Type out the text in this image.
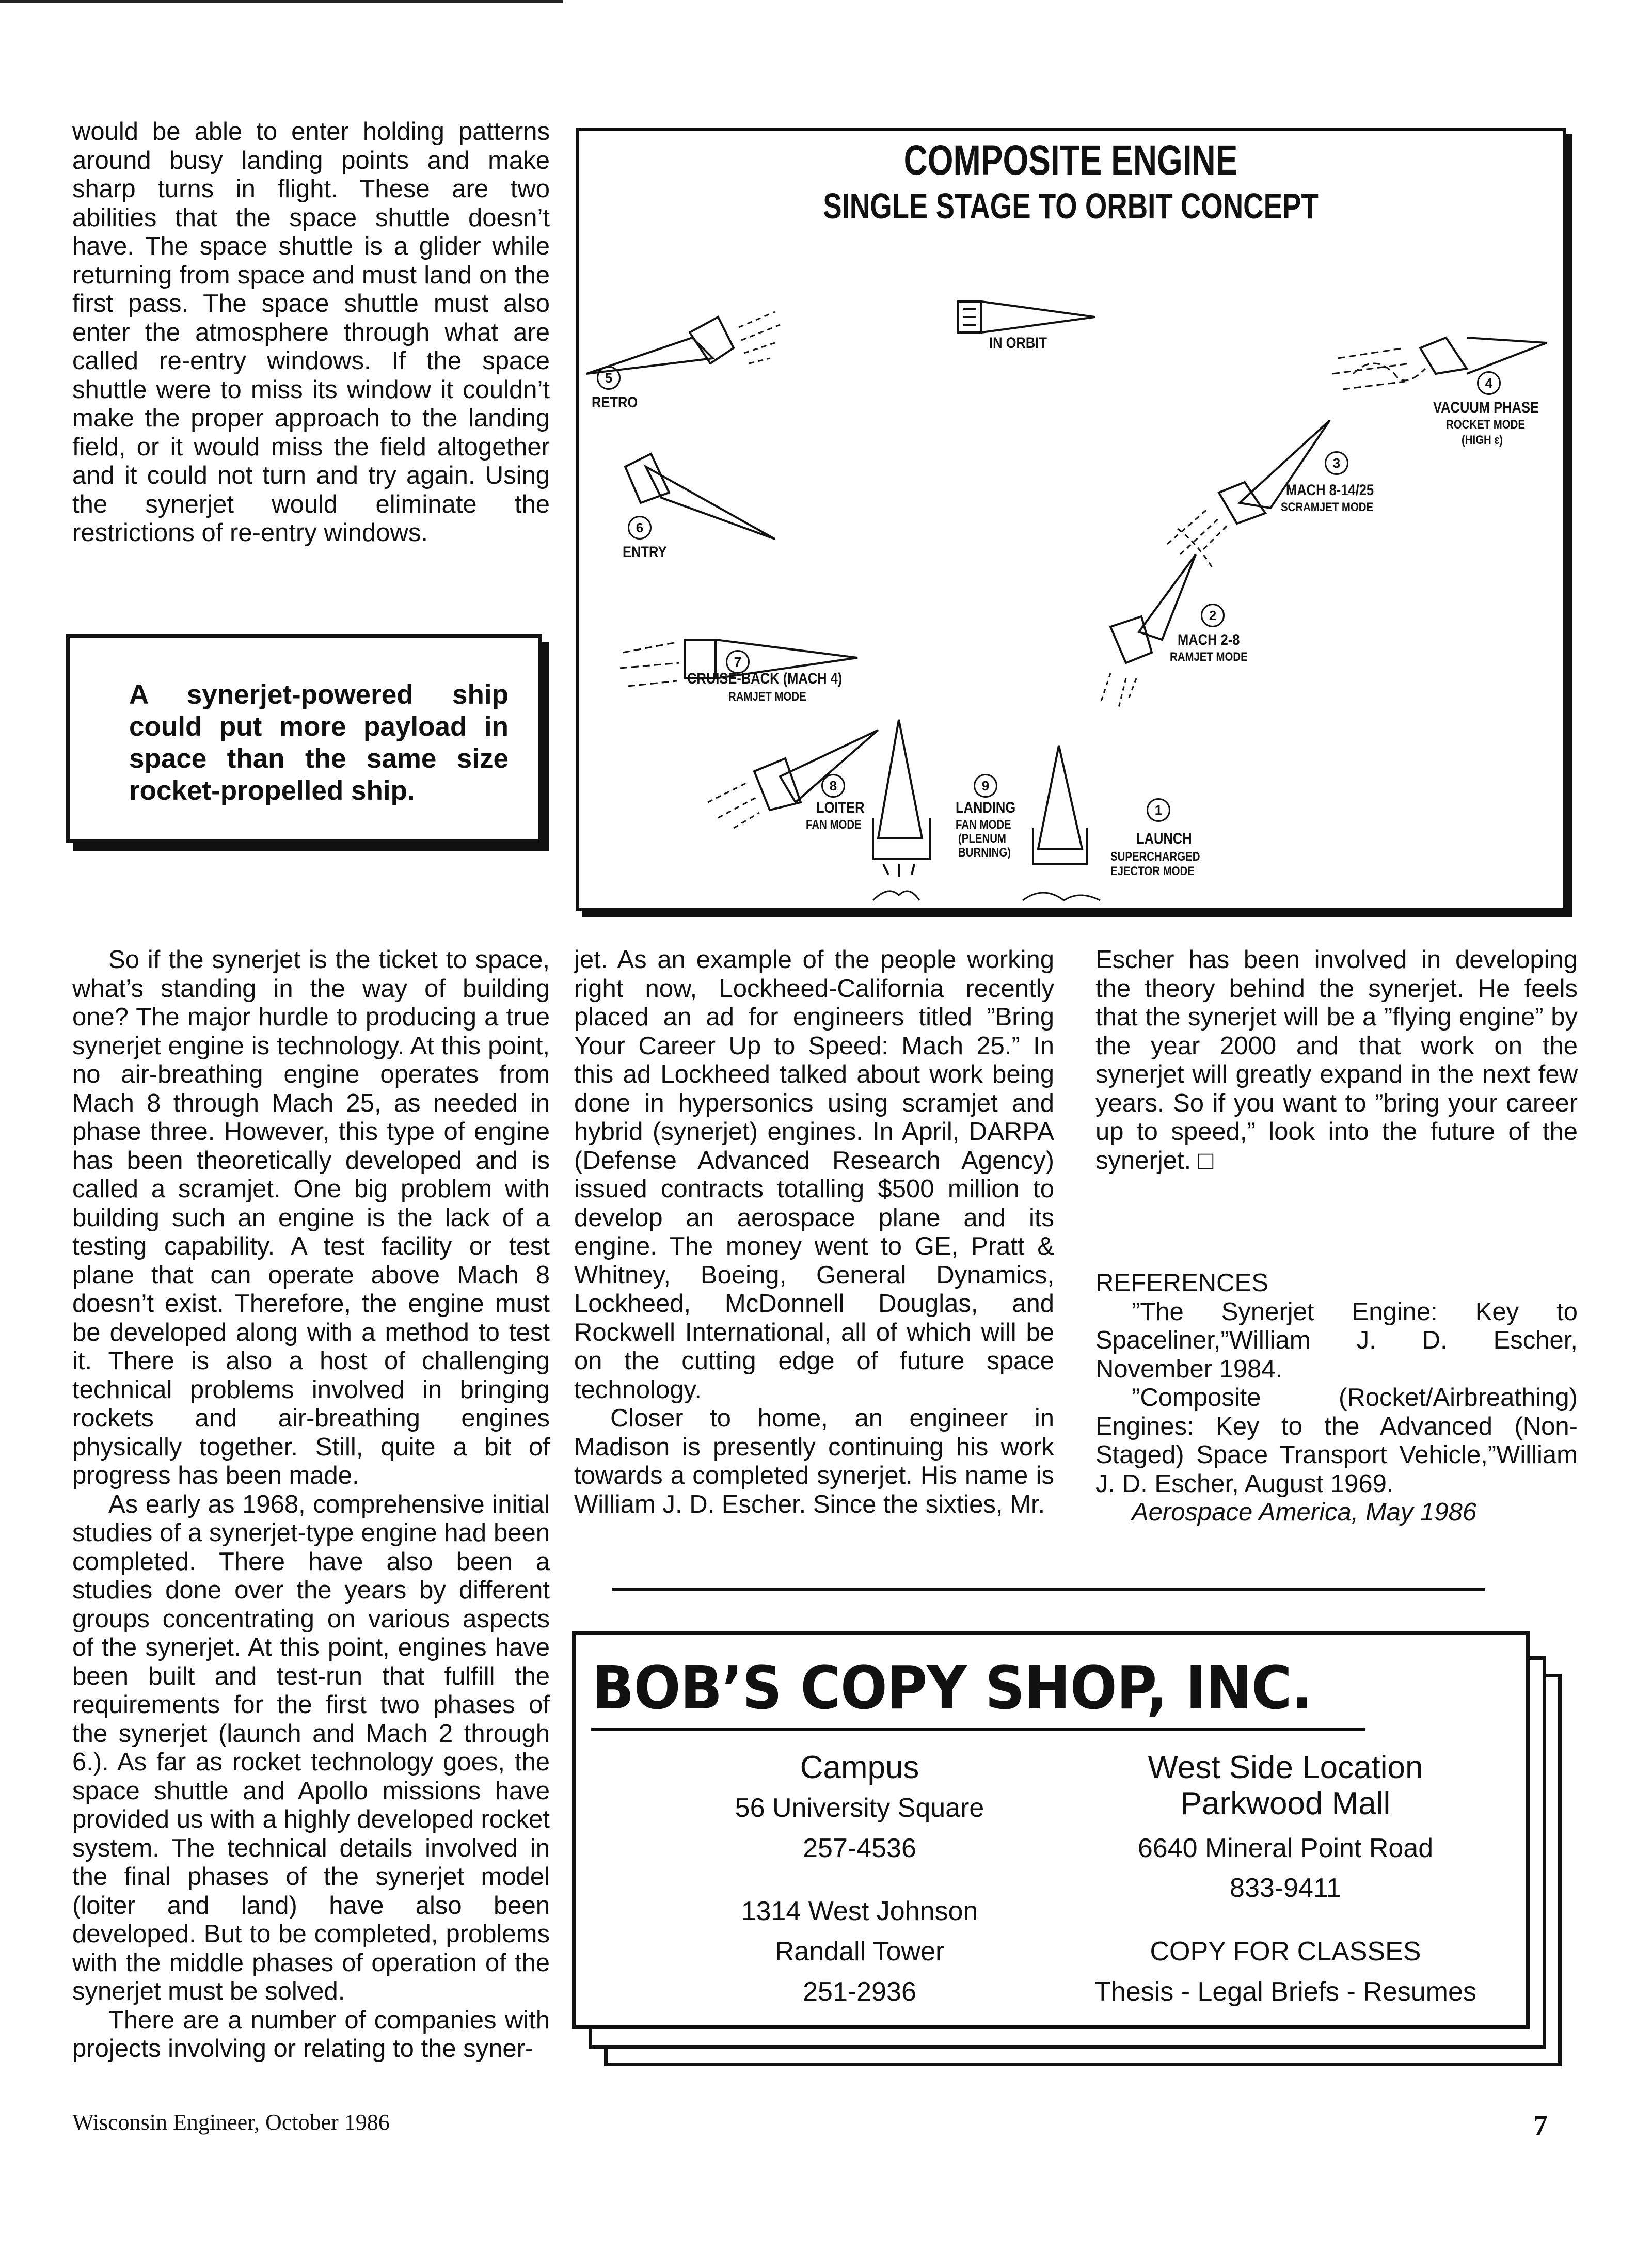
would be able to enter holding patterns around busy landing points and make sharp turns in flight. These are two abilities that the space shuttle doesn’t have. The space shuttle is a glider while returning from space and must land on the first pass. The space shuttle must also enter the atmosphere through what are called re-entry windows. If the space shuttle were to miss its window it couldn’t make the proper approach to the landing field, or it would miss the field altogether and it could not turn and try again. Using the synerjet would eliminate the restrictions of re-entry windows.

A synerjet-powered ship could put more payload in space than the same size rocket-propelled ship.
COMPOSITE ENGINE
SINGLE STAGE TO ORBIT CONCEPT
IN ORBIT
5
RETRO
6
ENTRY
4
VACUUM PHASE
ROCKET MODE
(HIGH ε)
3
MACH 8-14/25
SCRAMJET MODE
2
MACH 2-8
RAMJET MODE
7
CRUISE-BACK (MACH 4)
RAMJET MODE
8
LOITER
FAN MODE
9
LANDING
FAN MODE
(PLENUM
BURNING)
1
LAUNCH
SUPERCHARGED
EJECTOR MODE

So if the synerjet is the ticket to space, what’s standing in the way of building one? The major hurdle to producing a true synerjet engine is technology. At this point, no air-breathing engine operates from Mach 8 through Mach 25, as needed in phase three. However, this type of engine has been theoretically developed and is called a scramjet. One big problem with building such an engine is the lack of a testing capability. A test facility or test plane that can operate above Mach 8 doesn’t exist. Therefore, the engine must be developed along with a method to test it. There is also a host of challenging technical problems involved in bringing rockets and air-breathing engines physically together. Still, quite a bit of progress has been made.

As early as 1968, comprehensive initial studies of a synerjet-type engine had been completed. There have also been a studies done over the years by different groups concentrating on various aspects of the synerjet. At this point, engines have been built and test-run that fulfill the requirements for the first two phases of the synerjet (launch and Mach 2 through 6.). As far as rocket technology goes, the space shuttle and Apollo missions have provided us with a highly developed rocket system. The technical details involved in the final phases of the synerjet model (loiter and land) have also been developed. But to be completed, problems with the middle phases of operation of the synerjet must be solved.

There are a number of companies with projects involving or relating to the syner-

jet. As an example of the people working right now, Lockheed-California recently placed an ad for engineers titled ”Bring Your Career Up to Speed: Mach 25.” In this ad Lockheed talked about work being done in hypersonics using scramjet and hybrid (synerjet) engines. In April, DARPA (Defense Advanced Research Agency) issued contracts totalling $500 million to develop an aerospace plane and its engine. The money went to GE, Pratt & Whitney, Boeing, General Dynamics, Lockheed, McDonnell Douglas, and Rockwell International, all of which will be on the cutting edge of future space technology.

Closer to home, an engineer in Madison is presently continuing his work towards a completed synerjet. His name is William J. D. Escher. Since the sixties, Mr.

Escher has been involved in developing the theory behind the synerjet. He feels that the synerjet will be a ”flying engine” by the year 2000 and that work on the synerjet will greatly expand in the next few years. So if you want to ”bring your career up to speed,” look into the future of the synerjet. □

REFERENCES

”The Synerjet Engine: Key to Spaceliner,”William J. D. Escher, November 1984.

”Composite (Rocket/Airbreathing) Engines: Key to the Advanced (Non-Staged) Space Transport Vehicle,”William J. D. Escher, August 1969.

Aerospace America, May 1986

BOB’S COPY SHOP, INC.
Campus
56 University Square
257-4536
1314 West Johnson
Randall Tower
251-2936
West Side Location
Parkwood Mall
6640 Mineral Point Road
833-9411
COPY FOR CLASSES
Thesis - Legal Briefs - Resumes
Wisconsin Engineer, October 1986	7
